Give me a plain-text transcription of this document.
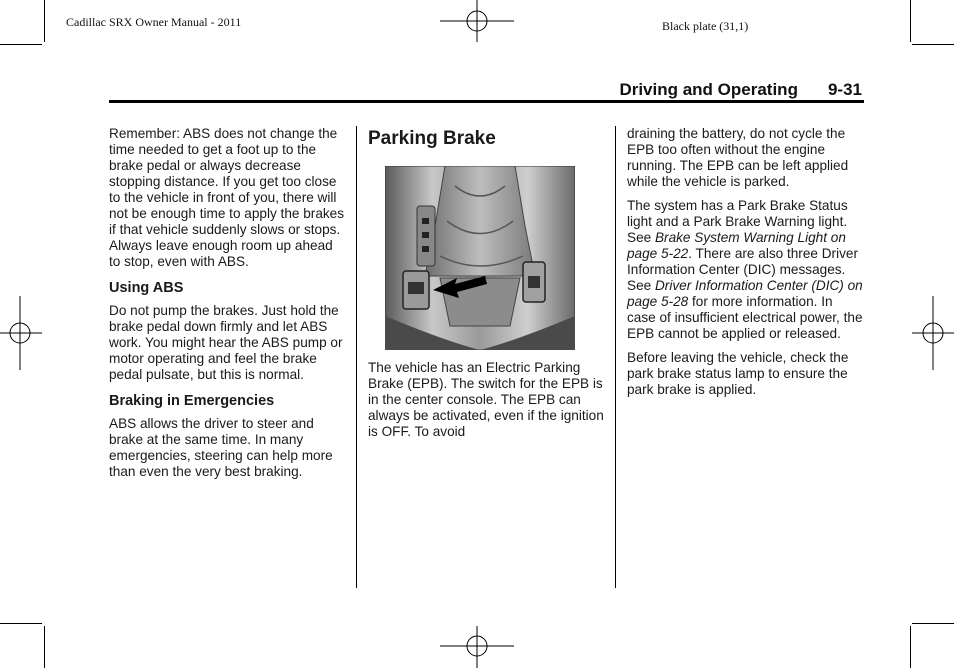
Cadillac SRX Owner Manual - 2011	Black plate (31,1)
Driving and Operating 9-31

Remember: ABS does not change the time needed to get a foot up to the brake pedal or always decrease stopping distance. If you get too close to the vehicle in front of you, there will not be enough time to apply the brakes if that vehicle suddenly slows or stops. Always leave enough room up ahead to stop, even with ABS.

Using ABS

Do not pump the brakes. Just hold the brake pedal down firmly and let ABS work. You might hear the ABS pump or motor operating and feel the brake pedal pulsate, but this is normal.

Braking in Emergencies

ABS allows the driver to steer and brake at the same time. In many emergencies, steering can help more than even the very best braking.

Parking Brake

The vehicle has an Electric Parking Brake (EPB). The switch for the EPB is in the center console. The EPB can always be activated, even if the ignition is OFF. To avoid

draining the battery, do not cycle the EPB too often without the engine running. The EPB can be left applied while the vehicle is parked.

The system has a Park Brake Status light and a Park Brake Warning light. See Brake System Warning Light on page 5-22. There are also three Driver Information Center (DIC) messages. See Driver Information Center (DIC) on page 5-28 for more information. In case of insufficient electrical power, the EPB cannot be applied or released.

Before leaving the vehicle, check the park brake status lamp to ensure the park brake is applied.
